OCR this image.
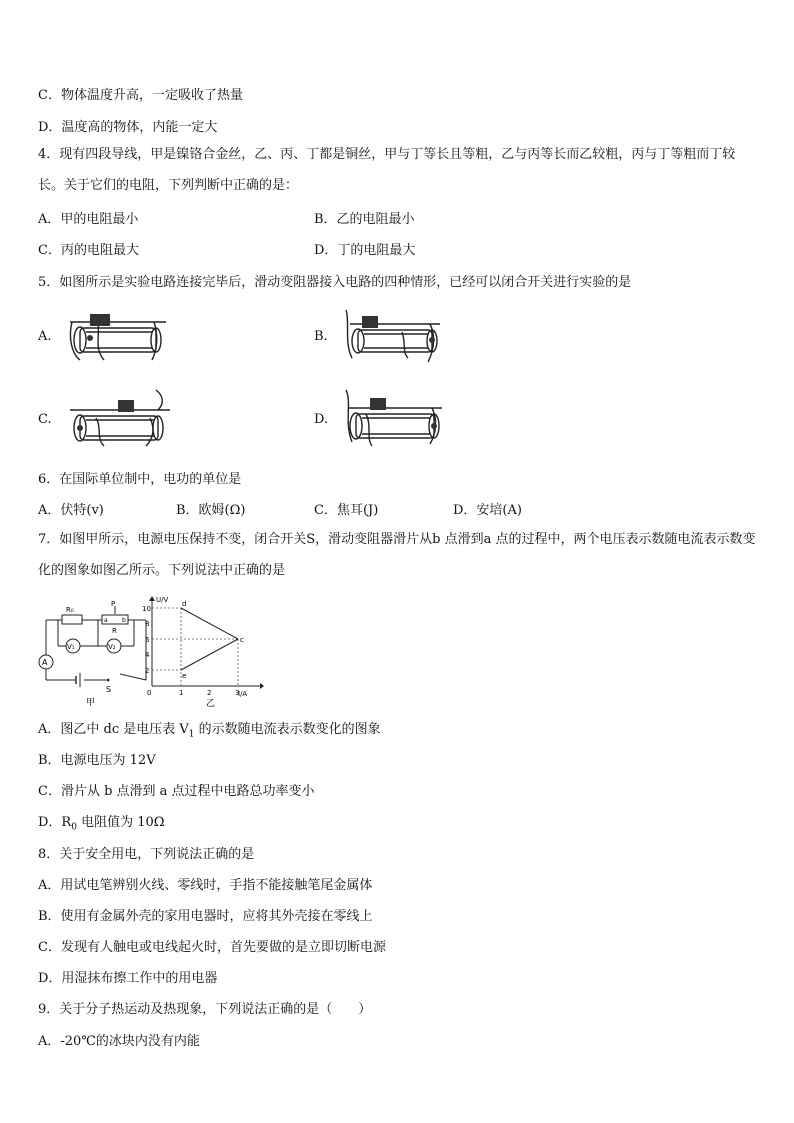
C．物体温度升高，一定吸收了热量
D．温度高的物体，内能一定大
4．现有四段导线，甲是镍铬合金丝，乙、丙、丁都是铜丝，甲与丁等长且等粗，乙与丙等长而乙较粗，丙与丁等粗而丁较长。关于它们的电阻，下列判断中正确的是：
A．甲的电阻最小	B．乙的电阻最小
C．丙的电阻最大	D．丁的电阻最大
5．如图所示是实验电路连接完毕后，滑动变阻器接入电路的四种情形，已经可以闭合开关进行实验的是
A.	B.
C.	D.
6．在国际单位制中，电功的单位是
A．伏特(v)	B．欧姆(Ω)	C．焦耳(J)	D．安培(A)
7．如图甲所示，电源电压保持不变，闭合开关S，滑动变阻器滑片从b 点滑到a 点的过程中，两个电压表示数随电流表示数变化的图象如图乙所示。下列说法中正确的是
R₀
P
a b
R
V₁	V₂
A
S
甲
U/V
I/A
10
8
6
4
2
0	1	2	3
d
c
e
乙
A．图乙中 dc 是电压表 $V_1$ 的示数随电流表示数变化的图象
B．电源电压为 12V
C．滑片从 b 点滑到 a 点过程中电路总功率变小
D．$R_0$ 电阻值为 10Ω
8．关于安全用电，下列说法正确的是
A．用试电笔辨别火线、零线时，手指不能接触笔尾金属体
B．使用有金属外壳的家用电器时，应将其外壳接在零线上
C．发现有人触电或电线起火时，首先要做的是立即切断电源
D．用湿抹布擦工作中的用电器
9．关于分子热运动及热现象，下列说法正确的是（　　）
A．-20℃的冰块内没有内能
